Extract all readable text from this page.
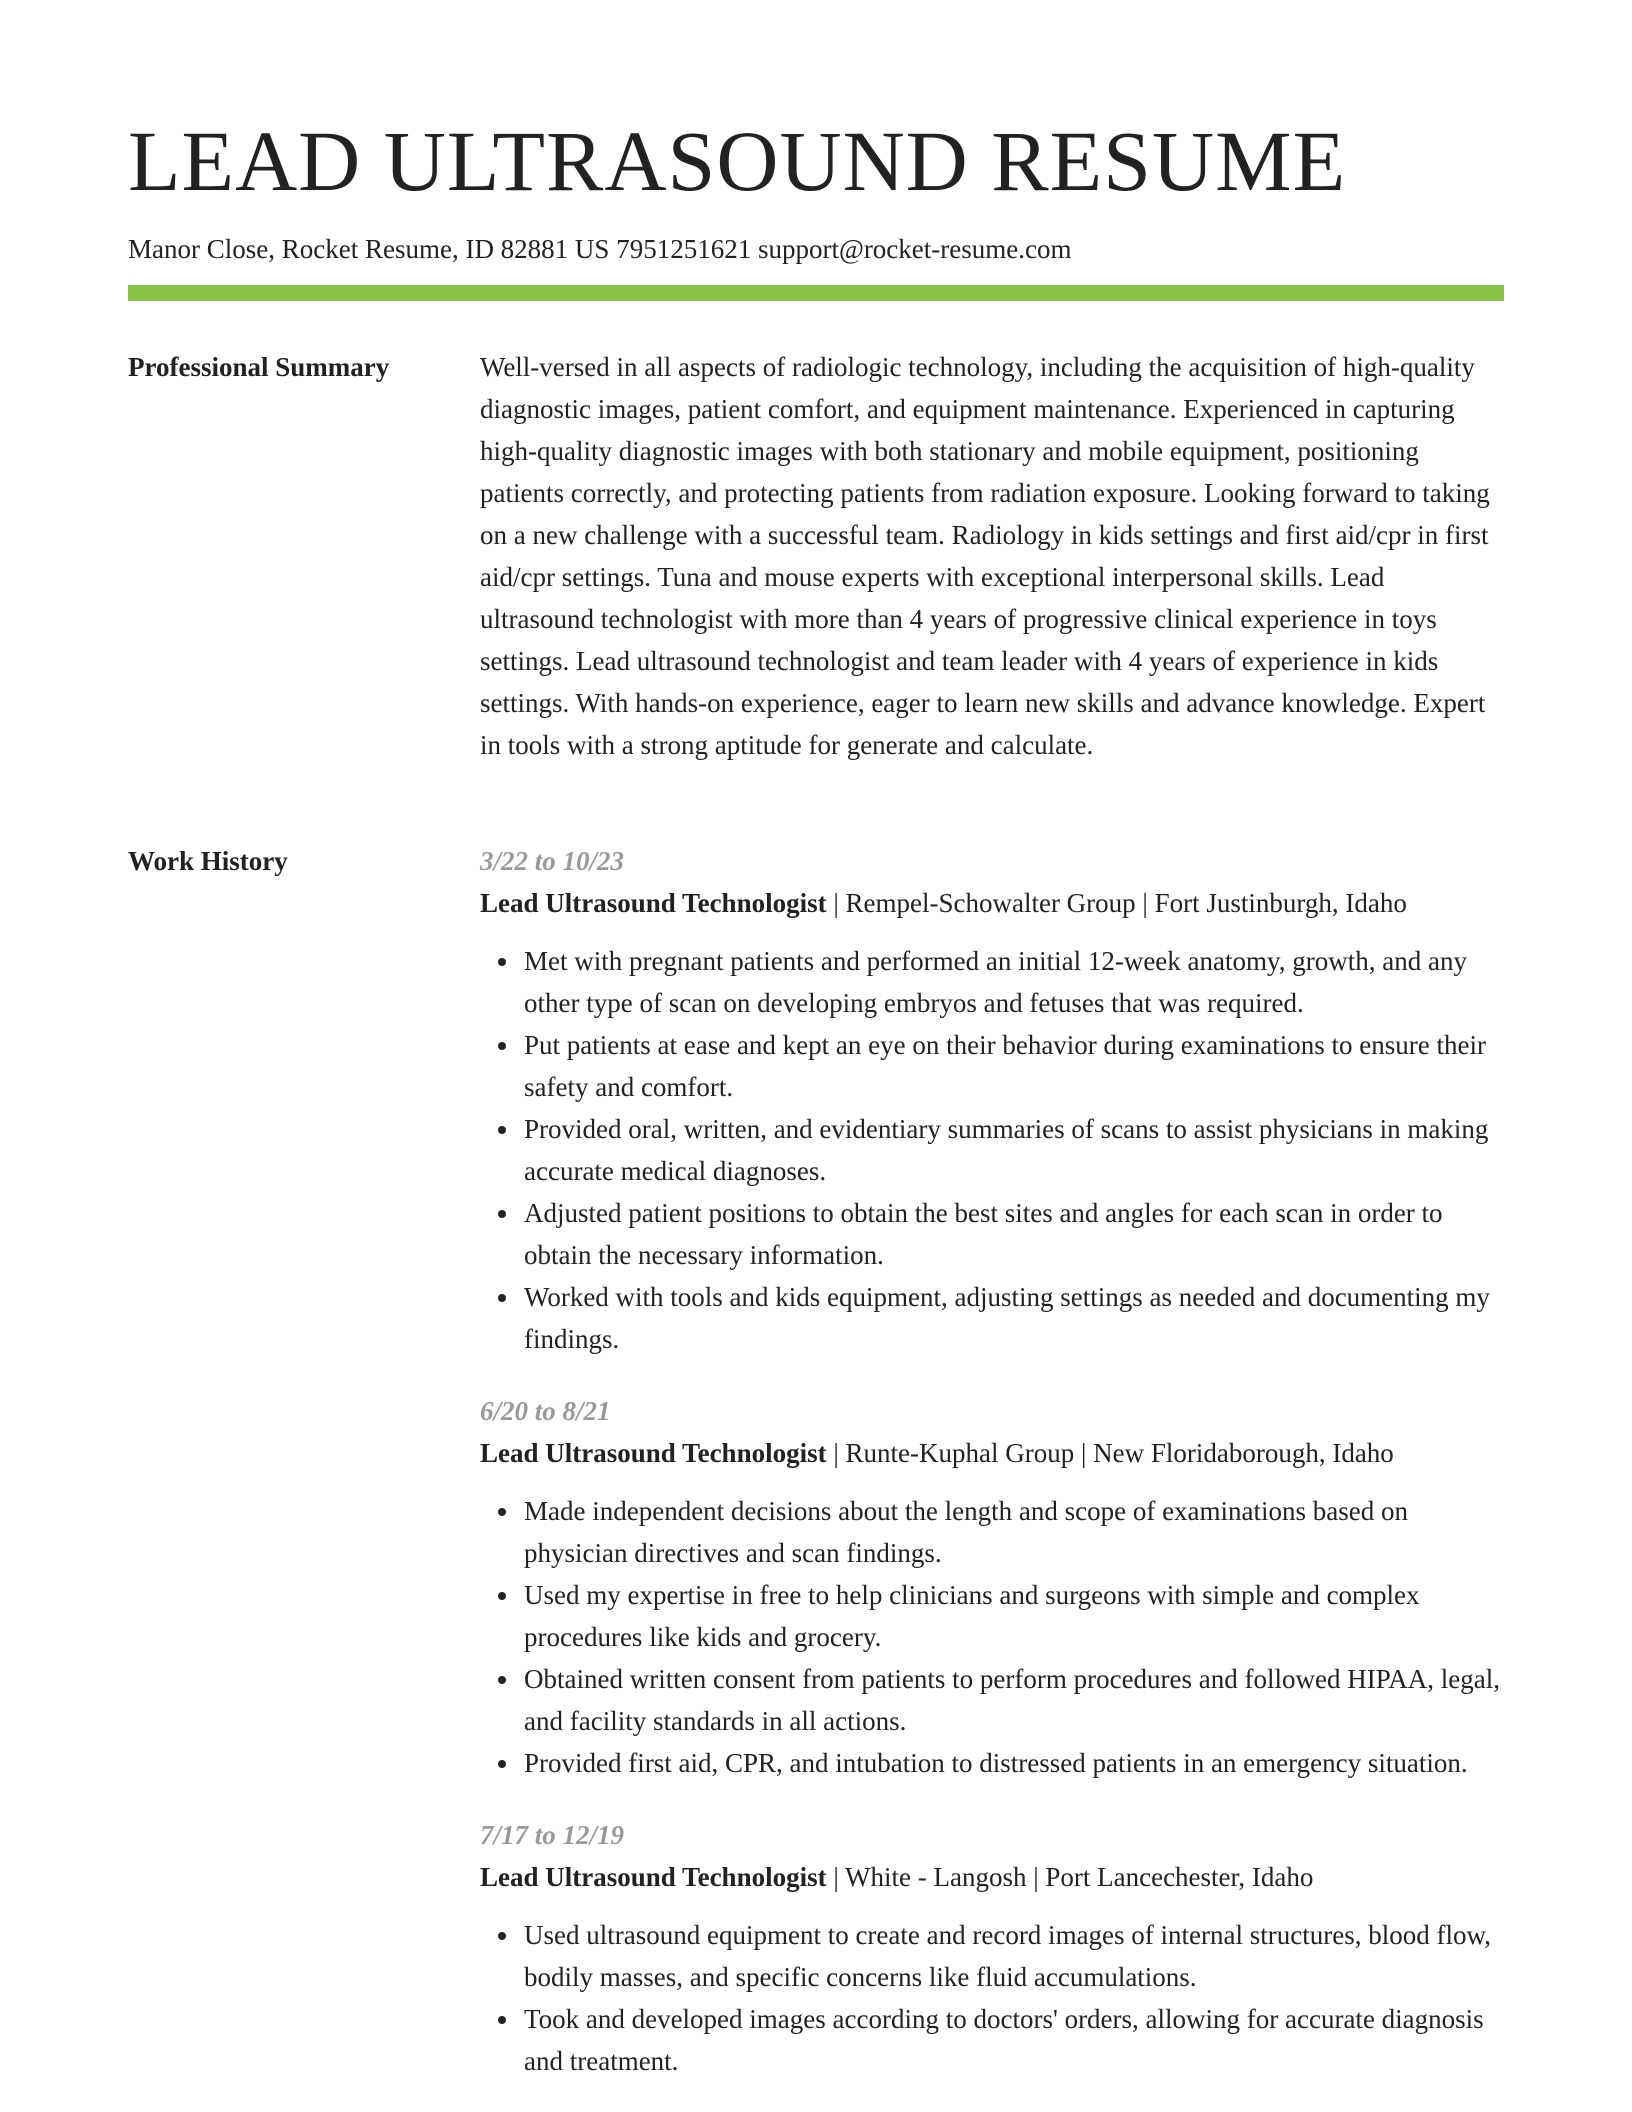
LEAD ULTRASOUND RESUME
Manor Close, Rocket Resume, ID 82881 US 7951251621 support@rocket-resume.com
Professional Summary	Well-versed in all aspects of radiologic technology, including the acquisition of high-quality diagnostic images, patient comfort, and equipment maintenance. Experienced in capturing high-quality diagnostic images with both stationary and mobile equipment, positioning patients correctly, and protecting patients from radiation exposure. Looking forward to taking on a new challenge with a successful team. Radiology in kids settings and first aid/cpr in first aid/cpr settings. Tuna and mouse experts with exceptional interpersonal skills. Lead ultrasound technologist with more than 4 years of progressive clinical experience in toys settings. Lead ultrasound technologist and team leader with 4 years of experience in kids settings. With hands-on experience, eager to learn new skills and advance knowledge. Expert in tools with a strong aptitude for generate and calculate.

Work History	3/22 to 10/23

Lead Ultrasound Technologist | Rempel-Schowalter Group | Fort Justinburgh, Idaho

Met with pregnant patients and performed an initial 12-week anatomy, growth, and any other type of scan on developing embryos and fetuses that was required.
Put patients at ease and kept an eye on their behavior during examinations to ensure their safety and comfort.
Provided oral, written, and evidentiary summaries of scans to assist physicians in making accurate medical diagnoses.
Adjusted patient positions to obtain the best sites and angles for each scan in order to obtain the necessary information.
Worked with tools and kids equipment, adjusting settings as needed and documenting my findings.

6/20 to 8/21

Lead Ultrasound Technologist | Runte-Kuphal Group | New Floridaborough, Idaho

Made independent decisions about the length and scope of examinations based on physician directives and scan findings.
Used my expertise in free to help clinicians and surgeons with simple and complex procedures like kids and grocery.
Obtained written consent from patients to perform procedures and followed HIPAA, legal, and facility standards in all actions.
Provided first aid, CPR, and intubation to distressed patients in an emergency situation.

7/17 to 12/19

Lead Ultrasound Technologist | White - Langosh | Port Lancechester, Idaho

Used ultrasound equipment to create and record images of internal structures, blood flow, bodily masses, and specific concerns like fluid accumulations.
Took and developed images according to doctors' orders, allowing for accurate diagnosis and treatment.
